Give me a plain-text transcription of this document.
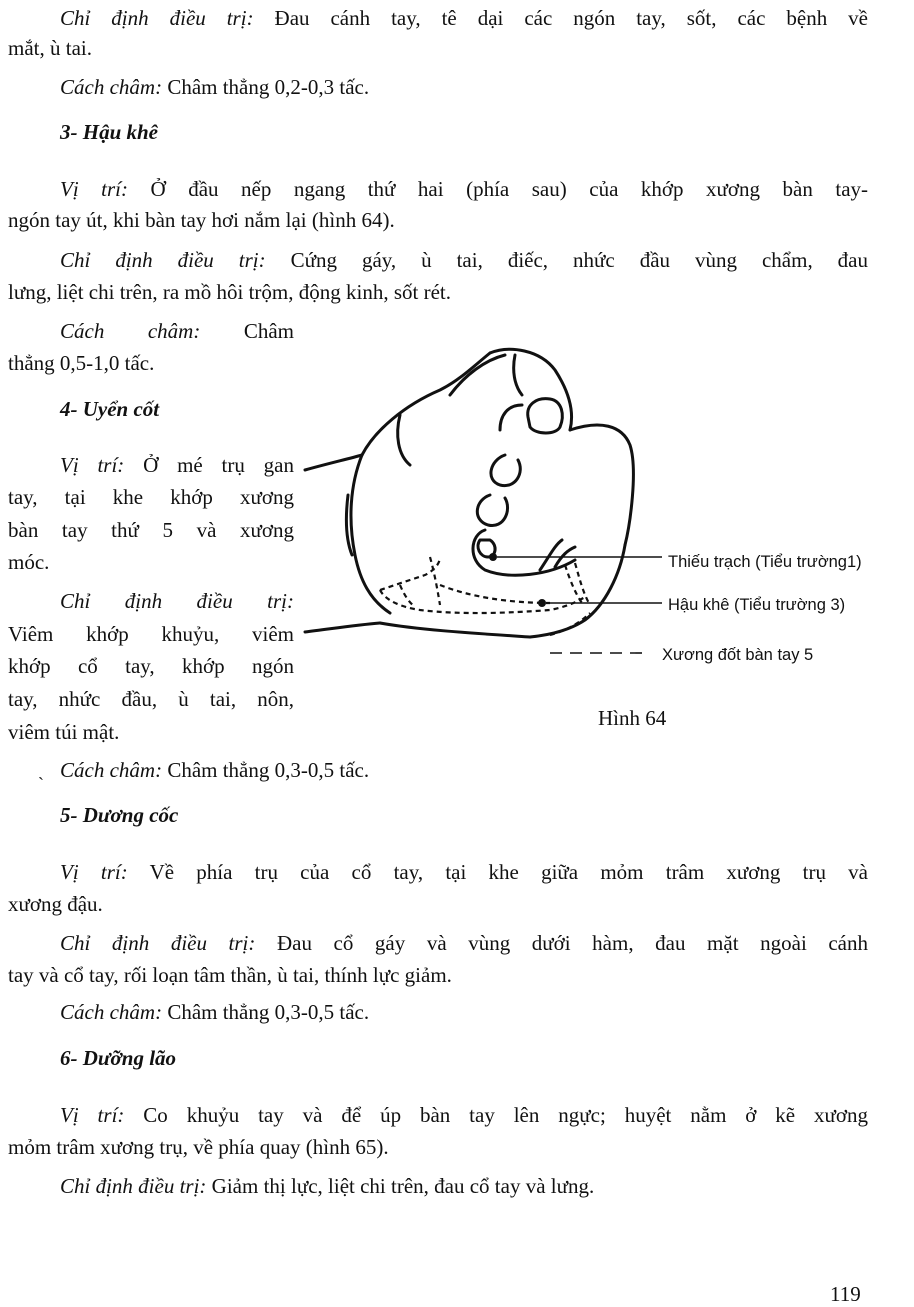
Chỉ định điều trị: Đau cánh tay, tê dại các ngón tay, sốt, các bệnh về
mắt, ù tai.
Cách châm: Châm thẳng 0,2-0,3 tấc.
3- Hậu khê
Vị trí: Ở đầu nếp ngang thứ hai (phía sau) của khớp xương bàn tay-
ngón tay út, khi bàn tay hơi nắm lại (hình 64).
Chỉ định điều trị: Cứng gáy, ù tai, điếc, nhức đầu vùng chẩm, đau
lưng, liệt chi trên, ra mồ hôi trộm, động kinh, sốt rét.
Cách châm: Châm
thẳng 0,5-1,0 tấc.
4- Uyển cốt
Vị trí: Ở mé trụ gan
tay, tại khe khớp xương
bàn tay thứ 5 và xương
móc.
Chỉ định điều trị:
Viêm khớp khuỷu, viêm
khớp cổ tay, khớp ngón
tay, nhức đầu, ù tai, nôn,
viêm túi mật.
Cách châm: Châm thẳng 0,3-0,5 tấc.
ˏ
Thiếu trạch (Tiểu trường1)
Hậu khê (Tiểu trường 3)
Xương đốt bàn tay 5
Hình 64
5- Dương cốc
Vị trí: Về phía trụ của cổ tay, tại khe giữa mỏm trâm xương trụ và
xương đậu.
Chỉ định điều trị: Đau cổ gáy và vùng dưới hàm, đau mặt ngoài cánh
tay và cổ tay, rối loạn tâm thần, ù tai, thính lực giảm.
Cách châm: Châm thẳng 0,3-0,5 tấc.
6- Dưỡng lão
Vị trí: Co khuỷu tay và để úp bàn tay lên ngực; huyệt nằm ở kẽ xương
mỏm trâm xương trụ, về phía quay (hình 65).
Chỉ định điều trị: Giảm thị lực, liệt chi trên, đau cổ tay và lưng.
119
